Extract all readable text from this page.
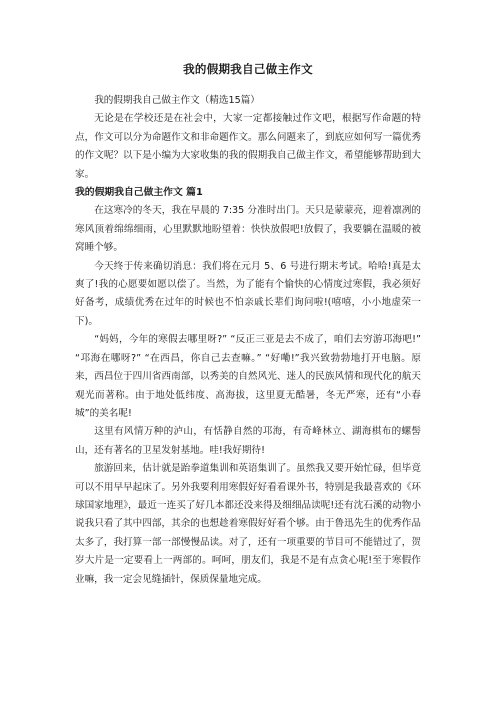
我的假期我自己做主作文

我的假期我自己做主作文（精选15篇）

无论是在学校还是在社会中，大家一定都接触过作文吧，根据写作命题的特点，作文可以分为命题作文和非命题作文。那么问题来了，到底应如何写一篇优秀的作文呢？以下是小编为大家收集的我的假期我自己做主作文，希望能够帮助到大家。

我的假期我自己做主作文 篇1

在这寒冷的冬天，我在早晨的 7:35 分准时出门。天只是蒙蒙亮，迎着凛冽的寒风顶着绵绵细雨，心里默默地盼望着：快快放假吧!放假了，我要躺在温暖的被窝睡个够。

今天终于传来确切消息：我们将在元月 5、6 号进行期末考试。哈哈!真是太爽了!我的心愿要如愿以偿了。当然，为了能有个愉快的心情度过寒假，我必须好好备考，成绩优秀在过年的时候也不怕亲戚长辈们询问啦!(嘻嘻，小小地虚荣一下)。

“妈妈，今年的寒假去哪里呀?” “反正三亚是去不成了，咱们去穷游邛海吧!” “邛海在哪呀?” “在西昌，你自己去查嘛。” “好嘞!”我兴致勃勃地打开电脑。原来，西昌位于四川省西南部，以秀美的自然风光、迷人的民族风情和现代化的航天观光而著称。由于地处低纬度、高海拔，这里夏无酷暑，冬无严寒，还有“小春城”的美名呢!

这里有风情万种的泸山，有恬静自然的邛海，有奇峰林立、湖海棋布的螺髻山，还有著名的卫星发射基地。哇!我好期待!

旅游回来，估计就是跆拳道集训和英语集训了。虽然我又要开始忙碌，但毕竟可以不用早早起床了。另外我要利用寒假好好看看课外书，特别是我最喜欢的《环球国家地理》，最近一连买了好几本都还没来得及细细品读呢!还有沈石溪的动物小说我只看了其中四部，其余的也想趁着寒假好好看个够。由于鲁迅先生的优秀作品太多了，我打算一部一部慢慢品读。对了，还有一项重要的节目可不能错过了，贺岁大片是一定要看上一两部的。呵呵，朋友们，我是不是有点贪心呢!至于寒假作业嘛，我一定会见缝插针，保质保量地完成。
